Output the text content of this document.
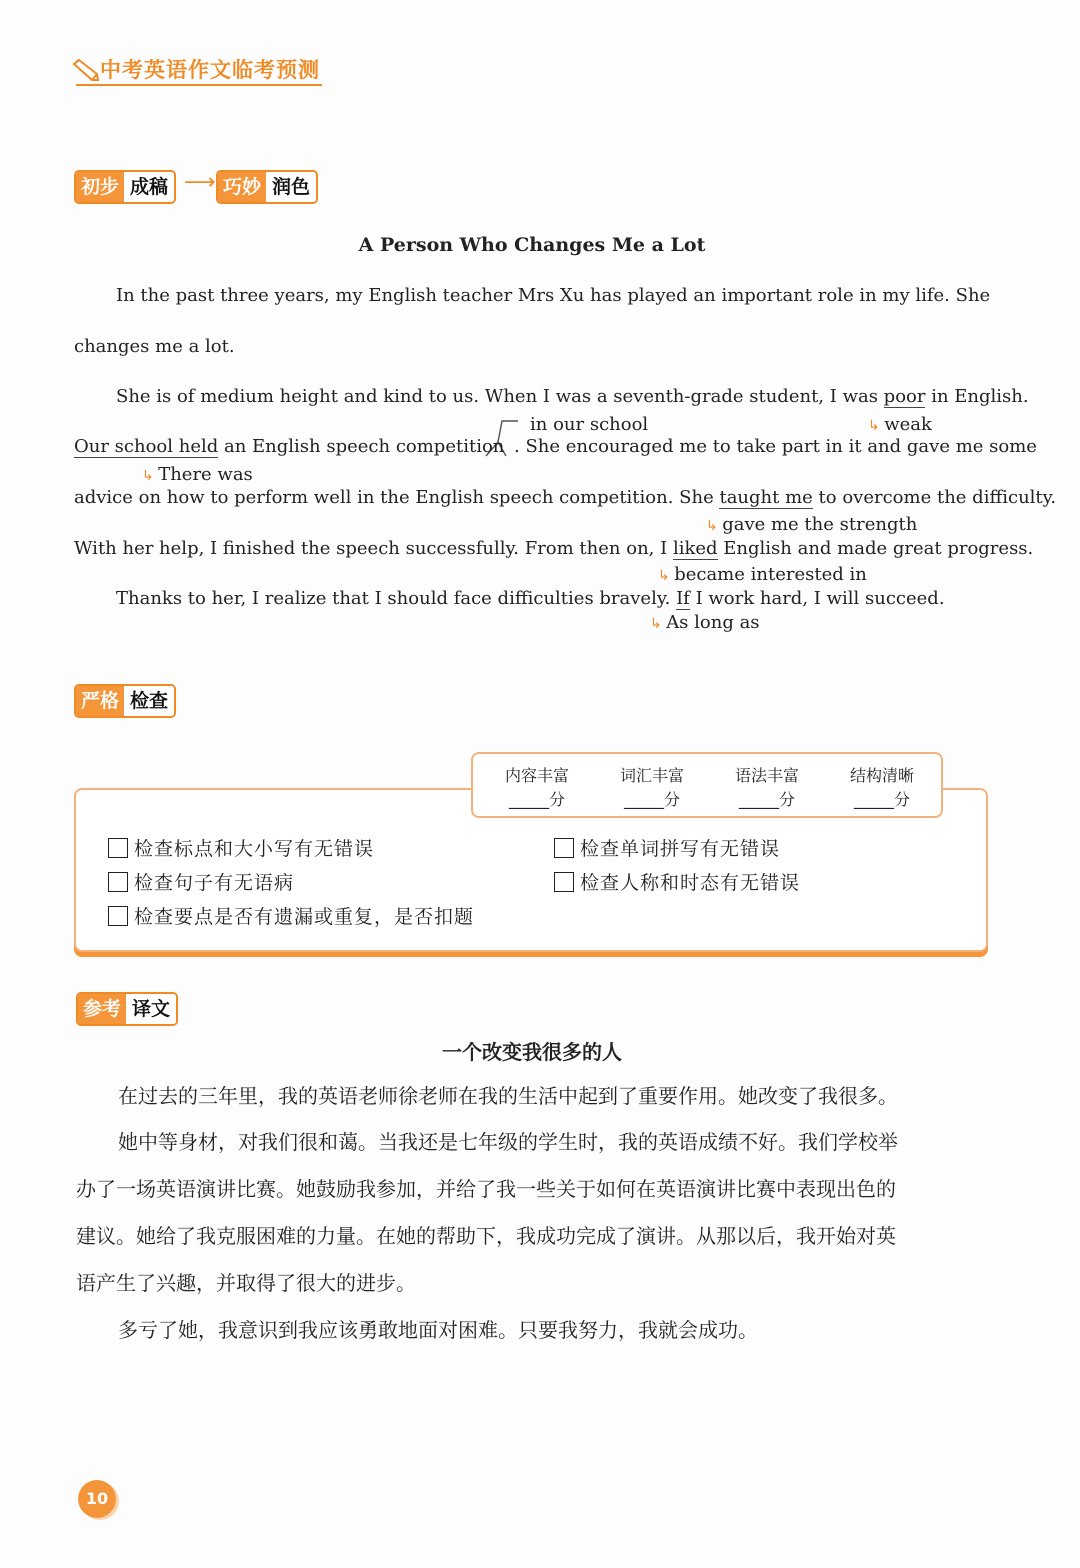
中考英语作文临考预测
初步 成稿 ⟶ 巧妙 润色
A Person Who Changes Me a Lot
In the past three years, my English teacher Mrs Xu has played an important role in my life. She
changes me a lot.
She is of medium height and kind to us. When I was a seventh-grade student, I was poor in English.
↳ weak
in our school
Our school held an English speech competition . She encouraged me to take part in it and gave me some
↳ There was
advice on how to perform well in the English speech competition. She taught me to overcome the difficulty.
↳ gave me the strength
With her help, I finished the speech successfully. From then on, I liked English and made great progress.
↳ became interested in
Thanks to her, I realize that I should face difficulties bravely. If I work hard, I will succeed.
↳ As long as
严格 检查
内容丰富
_____分
词汇丰富
_____分
语法丰富
_____分
结构清晰
_____分
检查标点和大小写有无错误	检查单词拼写有无错误
检查句子有无语病	检查人称和时态有无错误
检查要点是否有遗漏或重复，是否扣题
参考 译文
一个改变我很多的人
在过去的三年里，我的英语老师徐老师在我的生活中起到了重要作用。她改变了我很多。
她中等身材，对我们很和蔼。当我还是七年级的学生时，我的英语成绩不好。我们学校举
办了一场英语演讲比赛。她鼓励我参加，并给了我一些关于如何在英语演讲比赛中表现出色的
建议。她给了我克服困难的力量。在她的帮助下，我成功完成了演讲。从那以后，我开始对英
语产生了兴趣，并取得了很大的进步。
多亏了她，我意识到我应该勇敢地面对困难。只要我努力，我就会成功。
10
